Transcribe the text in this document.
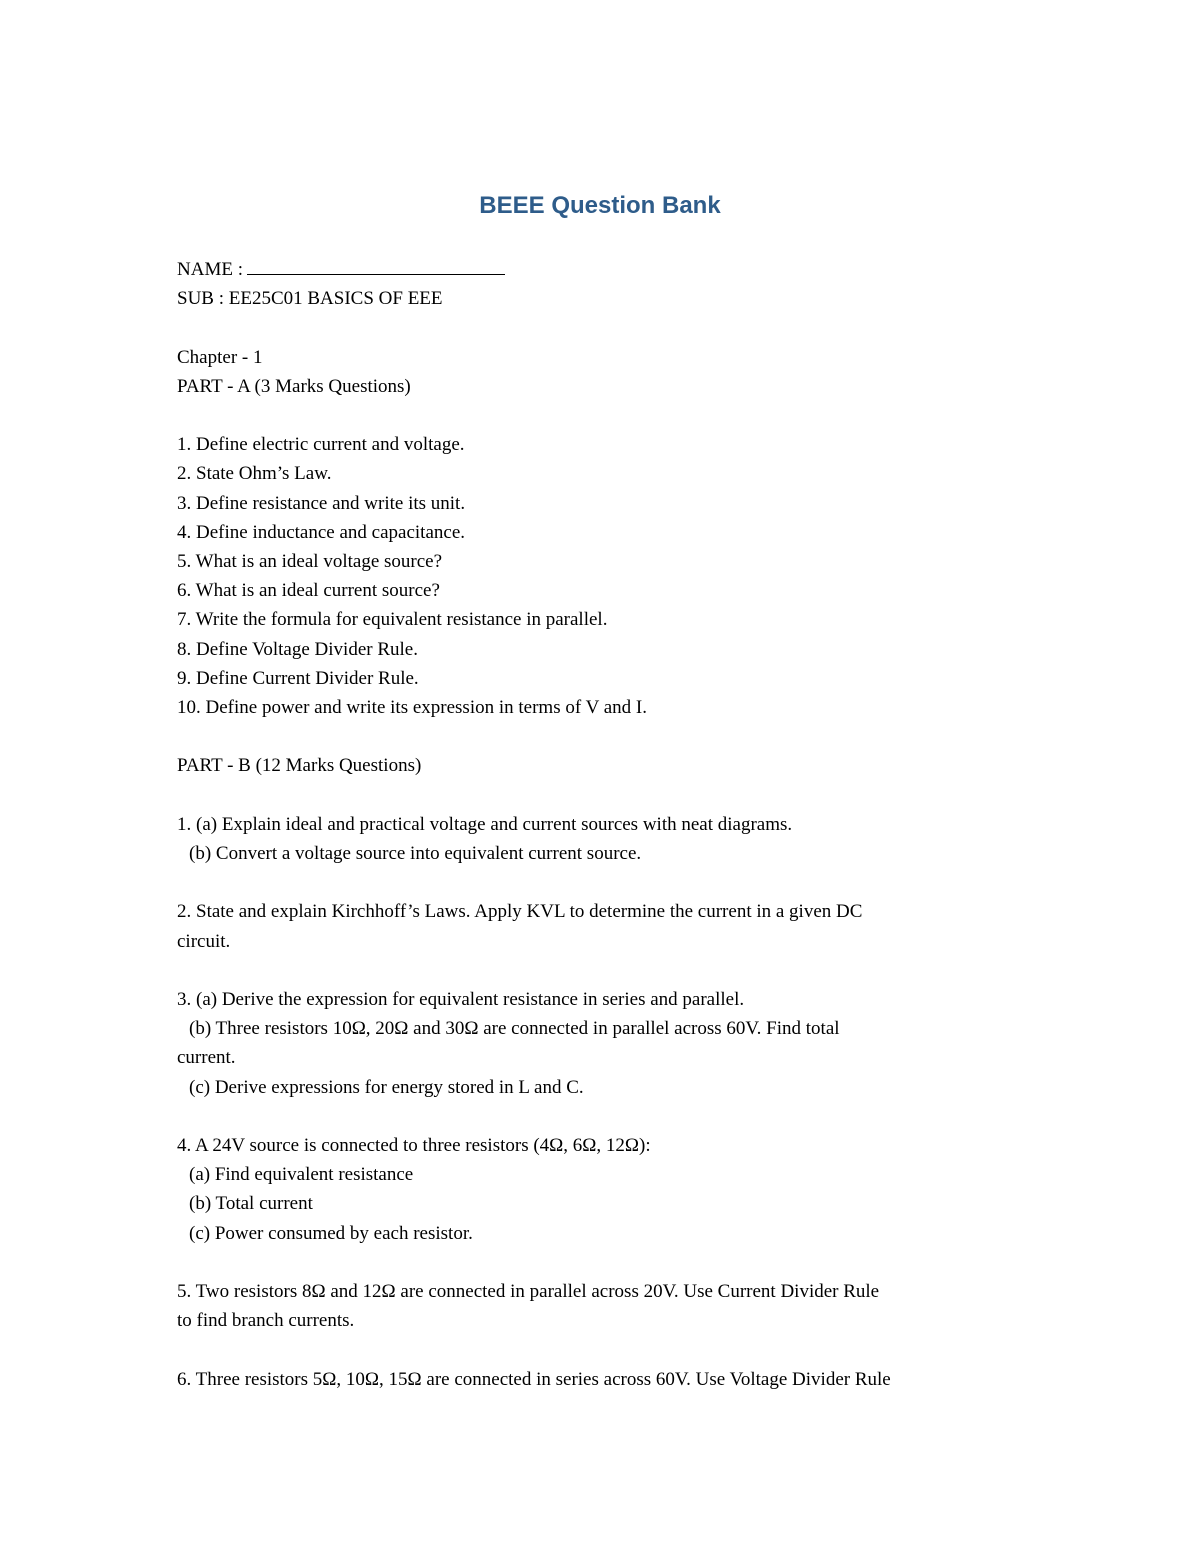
BEEE Question Bank
NAME :
SUB : EE25C01 BASICS OF EEE
Chapter - 1
PART - A (3 Marks Questions)
1. Define electric current and voltage.
2. State Ohm’s Law.
3. Define resistance and write its unit.
4. Define inductance and capacitance.
5. What is an ideal voltage source?
6. What is an ideal current source?
7. Write the formula for equivalent resistance in parallel.
8. Define Voltage Divider Rule.
9. Define Current Divider Rule.
10. Define power and write its expression in terms of V and I.
PART - B (12 Marks Questions)
1. (a) Explain ideal and practical voltage and current sources with neat diagrams.
(b) Convert a voltage source into equivalent current source.
2. State and explain Kirchhoff’s Laws. Apply KVL to determine the current in a given DC
circuit.
3. (a) Derive the expression for equivalent resistance in series and parallel.
(b) Three resistors 10Ω, 20Ω and 30Ω are connected in parallel across 60V. Find total
current.
(c) Derive expressions for energy stored in L and C.
4. A 24V source is connected to three resistors (4Ω, 6Ω, 12Ω):
(a) Find equivalent resistance
(b) Total current
(c) Power consumed by each resistor.
5. Two resistors 8Ω and 12Ω are connected in parallel across 20V. Use Current Divider Rule
to find branch currents.
6. Three resistors 5Ω, 10Ω, 15Ω are connected in series across 60V. Use Voltage Divider Rule
